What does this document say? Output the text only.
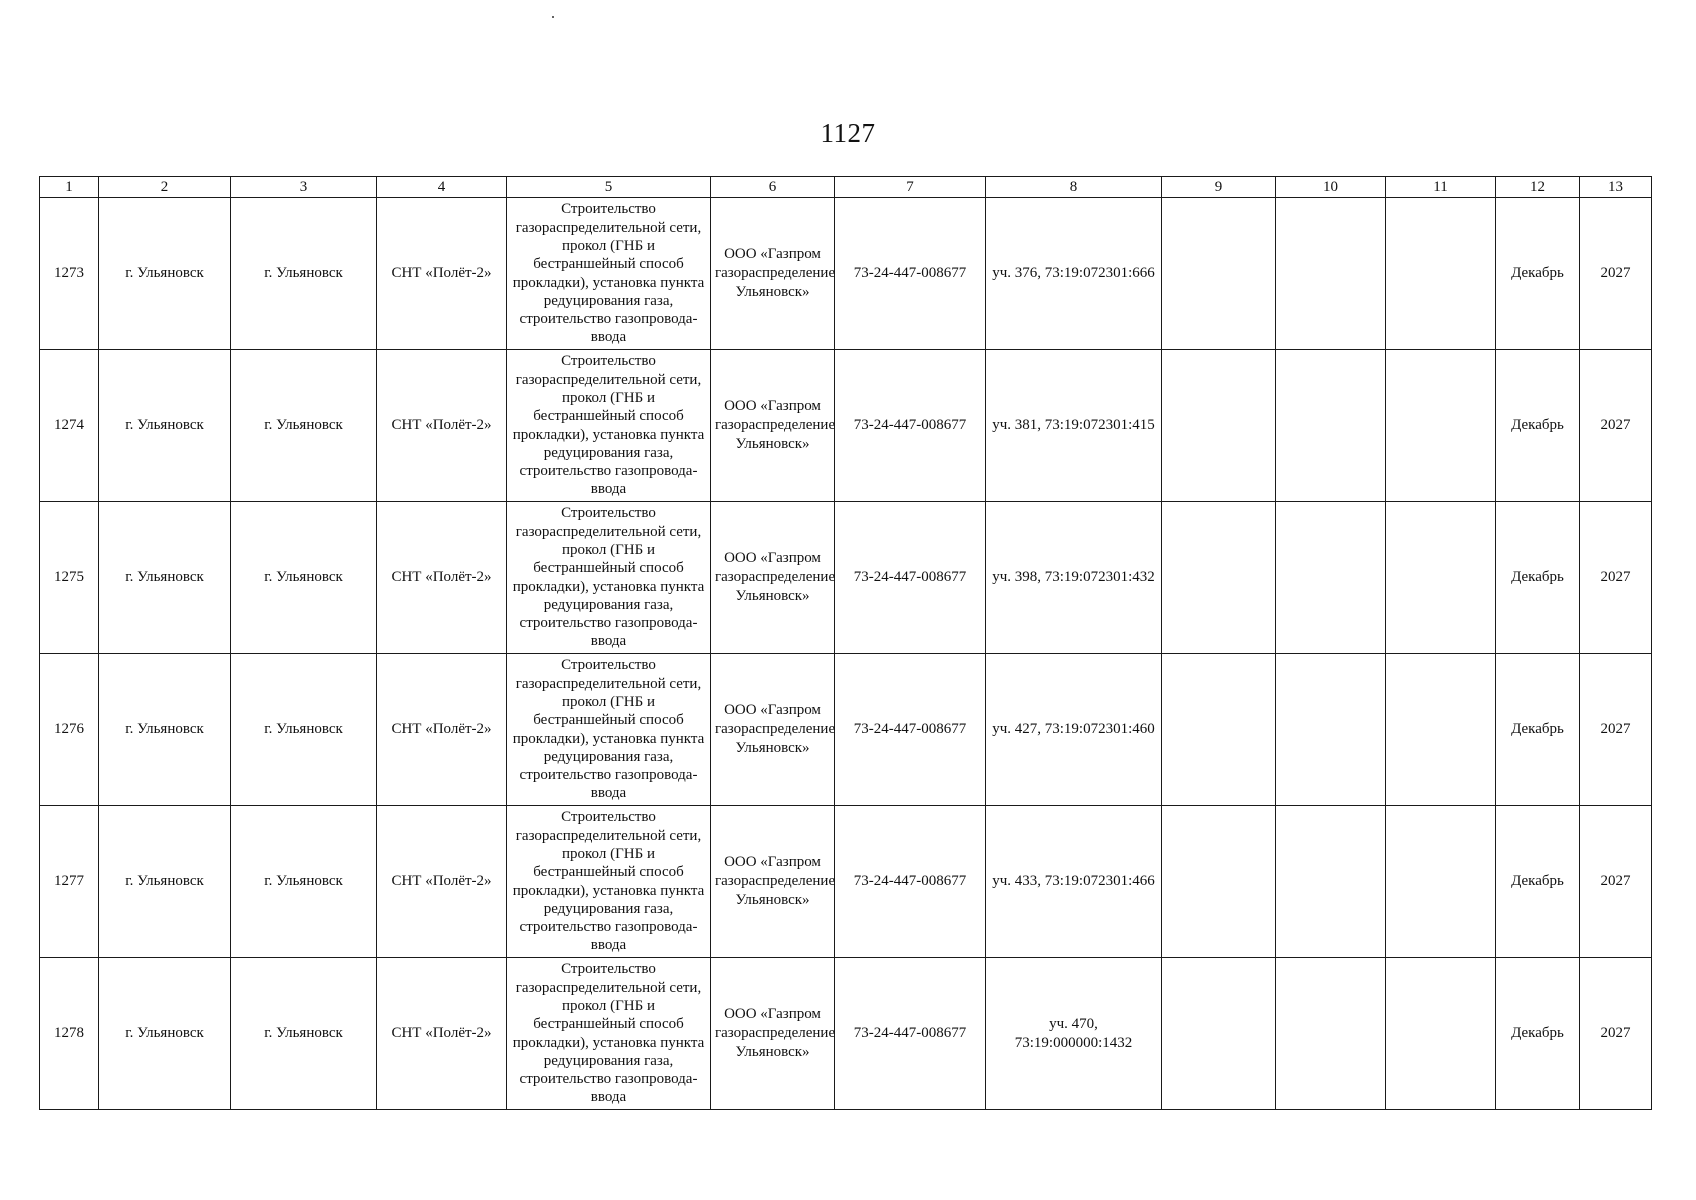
1127
1	2	3	4	5	6	7	8	9	10	11	12	13
1273	г. Ульяновск	г. Ульяновск	СНТ «Полёт-2»	Строительство газораспределительной сети, прокол (ГНБ и бестраншейный способ прокладки), установка пункта редуцирования газа, строительство газопровода-ввода	ООО «Газпром газораспределение Ульяновск»	73-24-447-008677	уч. 376, 73:19:072301:666				Декабрь	2027
1274	г. Ульяновск	г. Ульяновск	СНТ «Полёт-2»	Строительство газораспределительной сети, прокол (ГНБ и бестраншейный способ прокладки), установка пункта редуцирования газа, строительство газопровода-ввода	ООО «Газпром газораспределение Ульяновск»	73-24-447-008677	уч. 381, 73:19:072301:415				Декабрь	2027
1275	г. Ульяновск	г. Ульяновск	СНТ «Полёт-2»	Строительство газораспределительной сети, прокол (ГНБ и бестраншейный способ прокладки), установка пункта редуцирования газа, строительство газопровода-ввода	ООО «Газпром газораспределение Ульяновск»	73-24-447-008677	уч. 398, 73:19:072301:432				Декабрь	2027
1276	г. Ульяновск	г. Ульяновск	СНТ «Полёт-2»	Строительство газораспределительной сети, прокол (ГНБ и бестраншейный способ прокладки), установка пункта редуцирования газа, строительство газопровода-ввода	ООО «Газпром газораспределение Ульяновск»	73-24-447-008677	уч. 427, 73:19:072301:460				Декабрь	2027
1277	г. Ульяновск	г. Ульяновск	СНТ «Полёт-2»	Строительство газораспределительной сети, прокол (ГНБ и бестраншейный способ прокладки), установка пункта редуцирования газа, строительство газопровода-ввода	ООО «Газпром газораспределение Ульяновск»	73-24-447-008677	уч. 433, 73:19:072301:466				Декабрь	2027
1278	г. Ульяновск	г. Ульяновск	СНТ «Полёт-2»	Строительство газораспределительной сети, прокол (ГНБ и бестраншейный способ прокладки), установка пункта редуцирования газа, строительство газопровода-ввода	ООО «Газпром газораспределение Ульяновск»	73-24-447-008677	уч. 470, 73:19:000000:1432				Декабрь	2027
